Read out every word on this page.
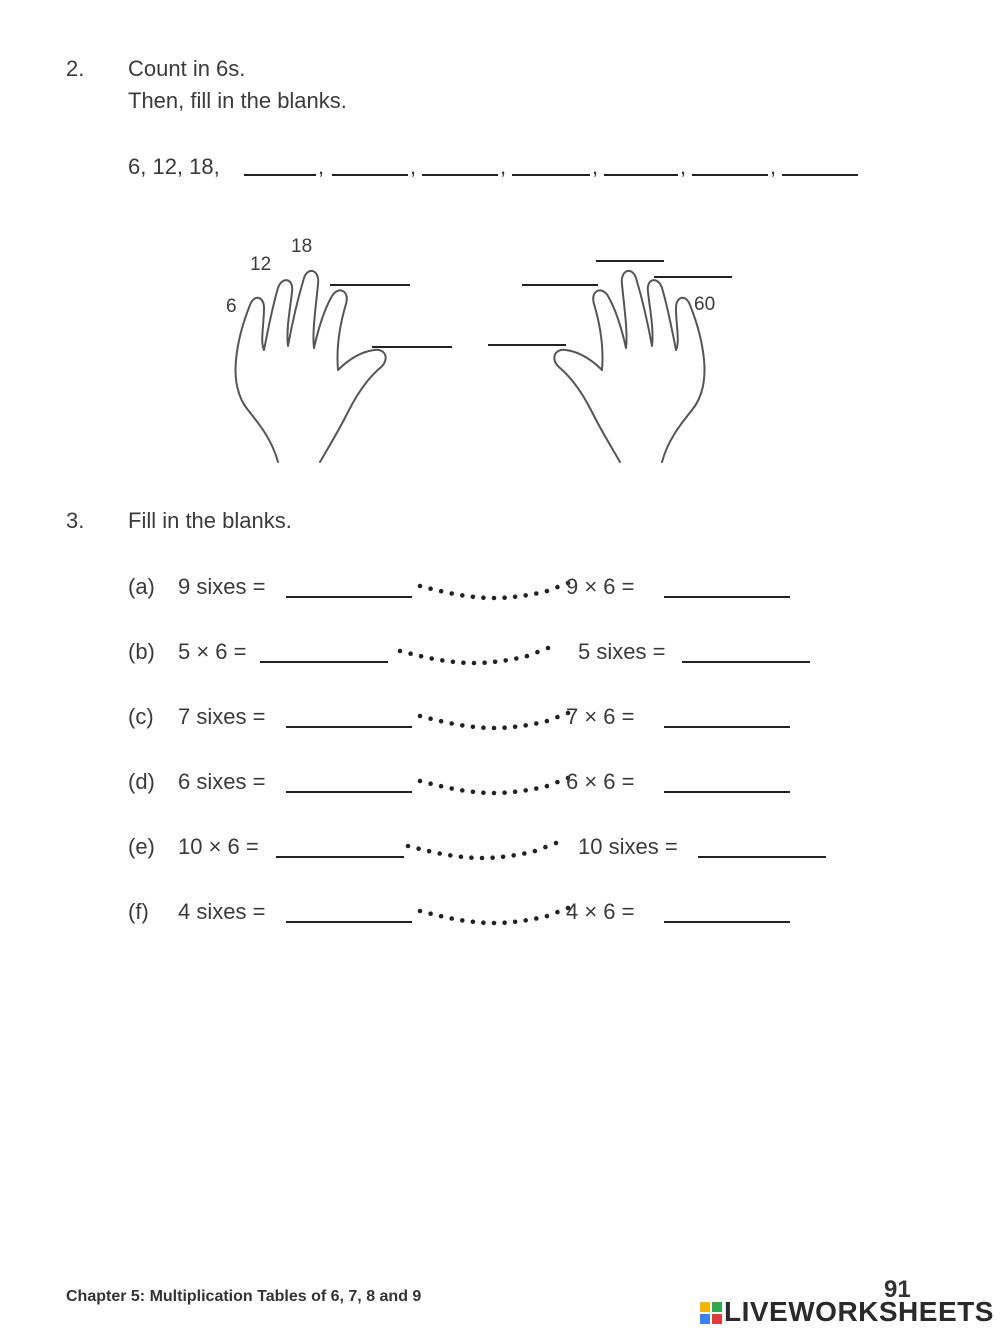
2. Count in 6s.
Then, fill in the blanks.
6, 12, 18,	,	,	,	,	,	,
6
12
18
60
3. Fill in the blanks.
(a) 9 sixes =	9 × 6 =
(b) 5 × 6 =	5 sixes =
(c) 7 sixes =	7 × 6 =
(d) 6 sixes =	6 × 6 =
(e) 10 × 6 =	10 sixes =
(f) 4 sixes =	4 × 6 =
Chapter 5: Multiplication Tables of 6, 7, 8 and 9	91
LIVEWORKSHEETS
